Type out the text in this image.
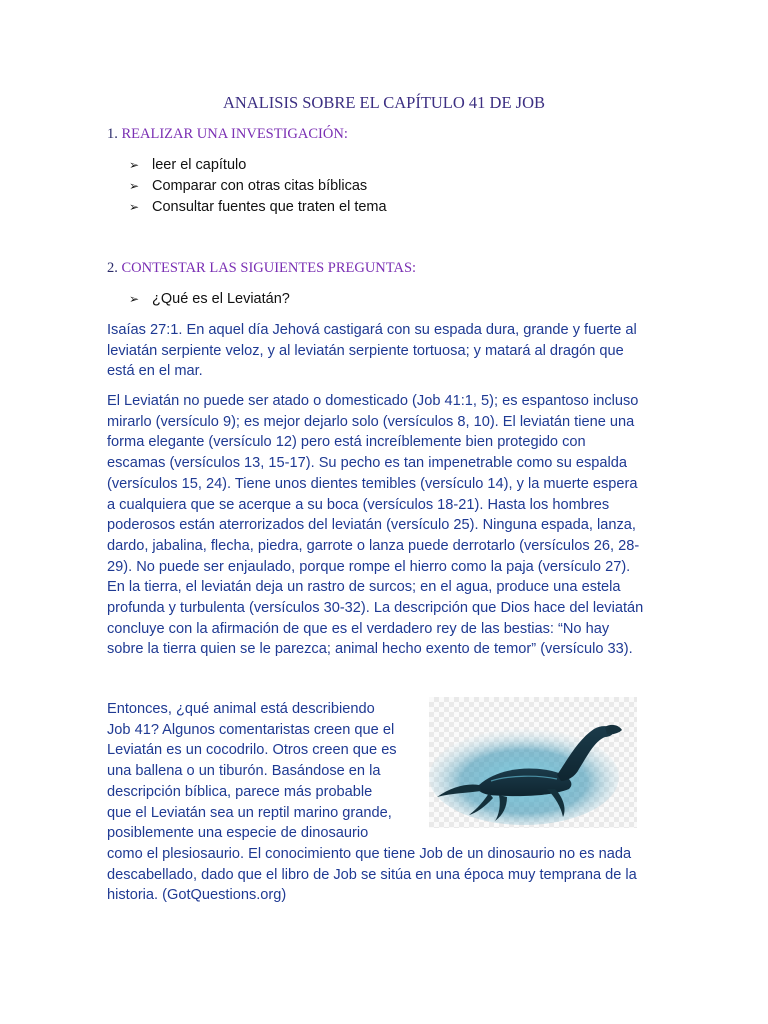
ANALISIS SOBRE EL CAPÍTULO 41 DE JOB
1. REALIZAR UNA INVESTIGACIÓN:
➢ leer el capítulo
➢ Comparar con otras citas bíblicas
➢ Consultar fuentes que traten el tema
2. CONTESTAR LAS SIGUIENTES PREGUNTAS:
➢ ¿Qué es el Leviatán?

Isaías 27:1. En aquel día Jehová castigará con su espada dura, grande y fuerte al
leviatán serpiente veloz, y al leviatán serpiente tortuosa; y matará al dragón que
está en el mar.

El Leviatán no puede ser atado o domesticado (Job 41:1, 5); es espantoso incluso
mirarlo (versículo 9); es mejor dejarlo solo (versículos 8, 10). El leviatán tiene una
forma elegante (versículo 12) pero está increíblemente bien protegido con
escamas (versículos 13, 15-17). Su pecho es tan impenetrable como su espalda
(versículos 15, 24). Tiene unos dientes temibles (versículo 14), y la muerte espera
a cualquiera que se acerque a su boca (versículos 18-21). Hasta los hombres
poderosos están aterrorizados del leviatán (versículo 25). Ninguna espada, lanza,
dardo, jabalina, flecha, piedra, garrote o lanza puede derrotarlo (versículos 26, 28-
29). No puede ser enjaulado, porque rompe el hierro como la paja (versículo 27).
En la tierra, el leviatán deja un rastro de surcos; en el agua, produce una estela
profunda y turbulenta (versículos 30-32). La descripción que Dios hace del leviatán
concluye con la afirmación de que es el verdadero rey de las bestias: “No hay
sobre la tierra quien se le parezca; animal hecho exento de temor” (versículo 33).

Entonces, ¿qué animal está describiendo
Job 41? Algunos comentaristas creen que el
Leviatán es un cocodrilo. Otros creen que es
una ballena o un tiburón. Basándose en la
descripción bíblica, parece más probable
que el Leviatán sea un reptil marino grande,
posiblemente una especie de dinosaurio
como el plesiosaurio. El conocimiento que tiene Job de un dinosaurio no es nada
descabellado, dado que el libro de Job se sitúa en una época muy temprana de la
historia. (GotQuestions.org)
